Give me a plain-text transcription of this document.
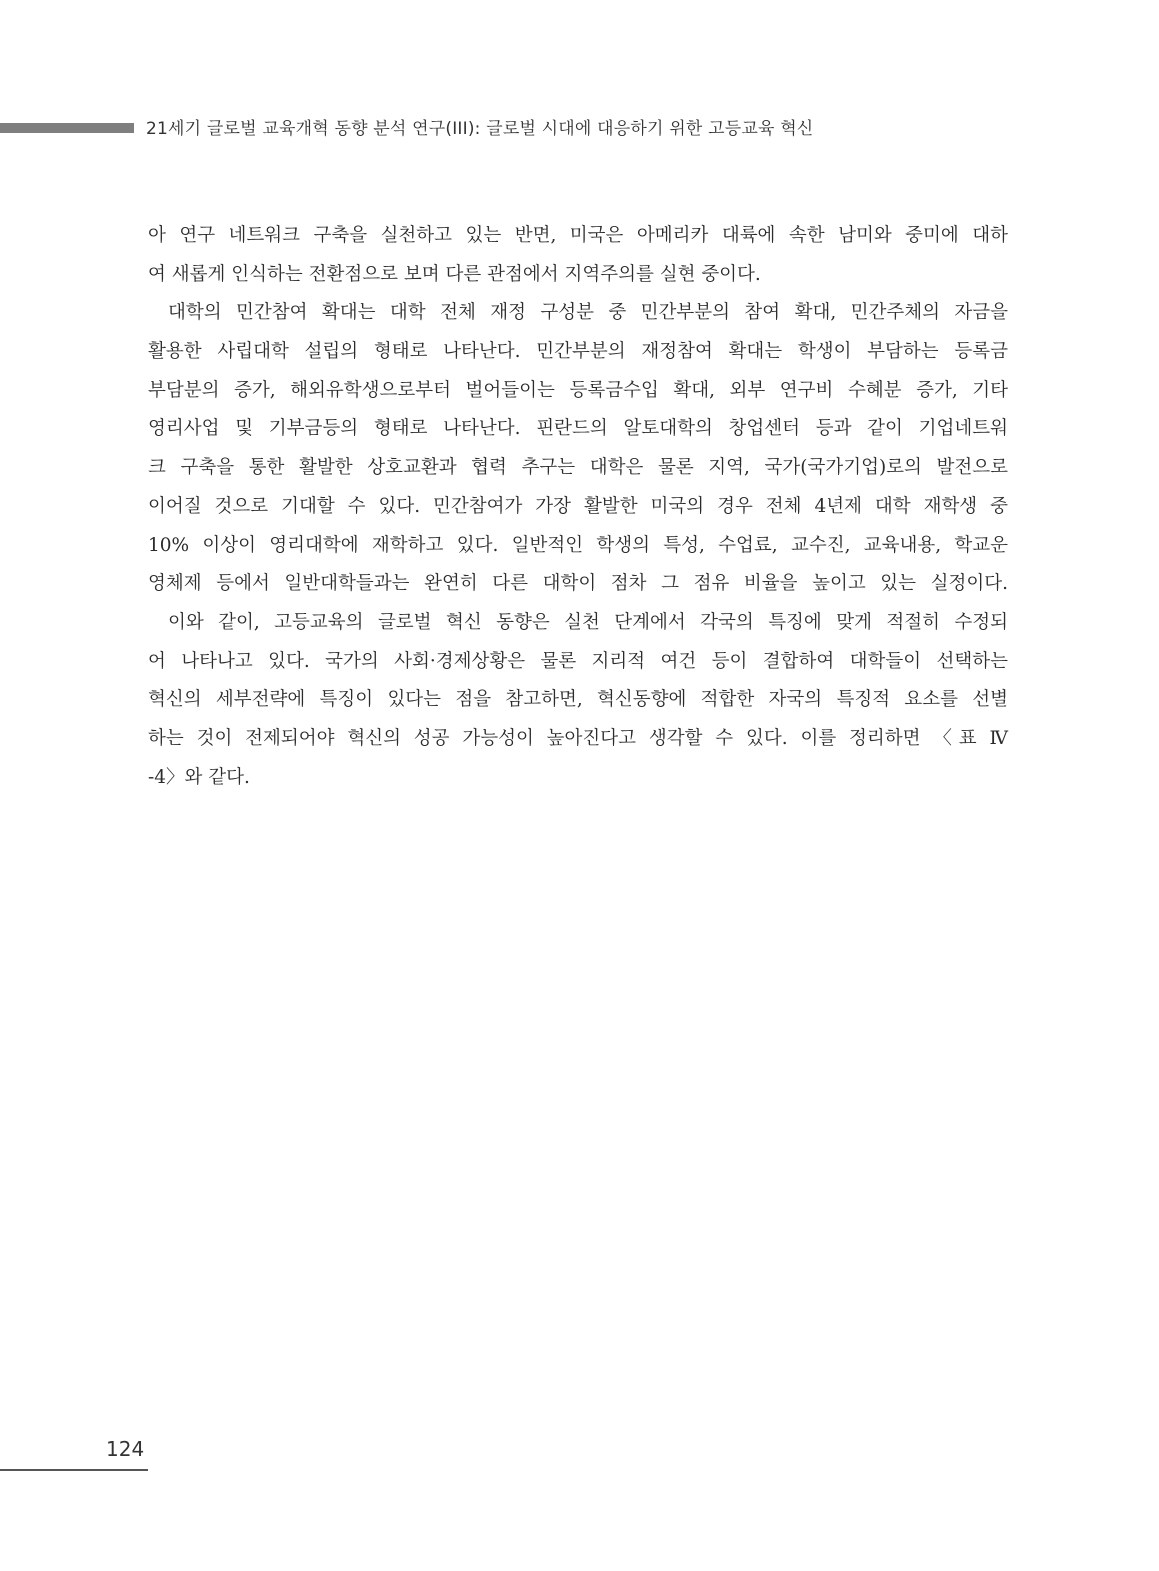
21세기 글로벌 교육개혁 동향 분석 연구(III): 글로벌 시대에 대응하기 위한 고등교육 혁신
아 연구 네트워크 구축을 실천하고 있는 반면, 미국은 아메리카 대륙에 속한 남미와 중미에 대하
여 새롭게 인식하는 전환점으로 보며 다른 관점에서 지역주의를 실현 중이다.
대학의 민간참여 확대는 대학 전체 재정 구성분 중 민간부분의 참여 확대, 민간주체의 자금을
활용한 사립대학 설립의 형태로 나타난다. 민간부분의 재정참여 확대는 학생이 부담하는 등록금
부담분의 증가, 해외유학생으로부터 벌어들이는 등록금수입 확대, 외부 연구비 수혜분 증가, 기타
영리사업 및 기부금등의 형태로 나타난다. 핀란드의 알토대학의 창업센터 등과 같이 기업네트워
크 구축을 통한 활발한 상호교환과 협력 추구는 대학은 물론 지역, 국가(국가기업)로의 발전으로
이어질 것으로 기대할 수 있다. 민간참여가 가장 활발한 미국의 경우 전체 4년제 대학 재학생 중
10% 이상이 영리대학에 재학하고 있다. 일반적인 학생의 특성, 수업료, 교수진, 교육내용, 학교운
영체제 등에서 일반대학들과는 완연히 다른 대학이 점차 그 점유 비율을 높이고 있는 실정이다.
이와 같이, 고등교육의 글로벌 혁신 동향은 실천 단계에서 각국의 특징에 맞게 적절히 수정되
어 나타나고 있다. 국가의 사회·경제상황은 물론 지리적 여건 등이 결합하여 대학들이 선택하는
혁신의 세부전략에 특징이 있다는 점을 참고하면, 혁신동향에 적합한 자국의 특징적 요소를 선별
하는 것이 전제되어야 혁신의 성공 가능성이 높아진다고 생각할 수 있다. 이를 정리하면 〈표 Ⅳ
-4〉와 같다.
124
